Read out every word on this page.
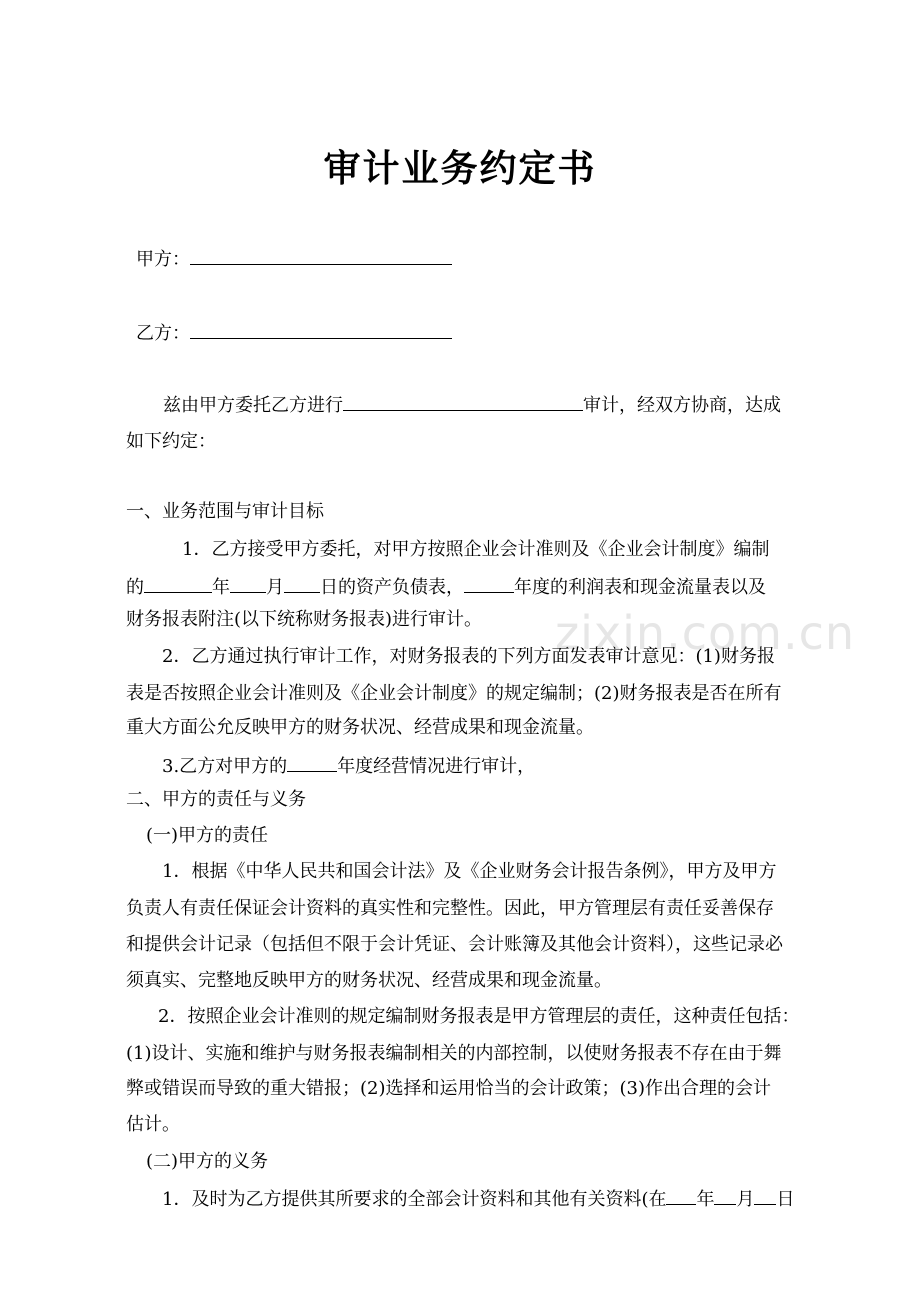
zixin.com.cn
审计业务约定书
甲方：
乙方：
兹由甲方委托乙方进行	审计，经双方协商，达成
如下约定：
一、业务范围与审计目标
1．乙方接受甲方委托，对甲方按照企业会计准则及《企业会计制度》编制
的	年 月 日的资产负债表，	年度的利润表和现金流量表以及
财务报表附注(以下统称财务报表)进行审计。
2．乙方通过执行审计工作，对财务报表的下列方面发表审计意见：(1)财务报
表是否按照企业会计准则及《企业会计制度》的规定编制；(2)财务报表是否在所有
重大方面公允反映甲方的财务状况、经营成果和现金流量。
3.乙方对甲方的	年度经营情况进行审计，
二、甲方的责任与义务
(一)甲方的责任
1．根据《中华人民共和国会计法》及《企业财务会计报告条例》，甲方及甲方
负责人有责任保证会计资料的真实性和完整性。因此，甲方管理层有责任妥善保存
和提供会计记录（包括但不限于会计凭证、会计账簿及其他会计资料），这些记录必
须真实、完整地反映甲方的财务状况、经营成果和现金流量。
2．按照企业会计准则的规定编制财务报表是甲方管理层的责任，这种责任包括：
(1)设计、实施和维护与财务报表编制相关的内部控制，以使财务报表不存在由于舞
弊或错误而导致的重大错报；(2)选择和运用恰当的会计政策；(3)作出合理的会计
估计。
(二)甲方的义务
1．及时为乙方提供其所要求的全部会计资料和其他有关资料(在 年 月 日
